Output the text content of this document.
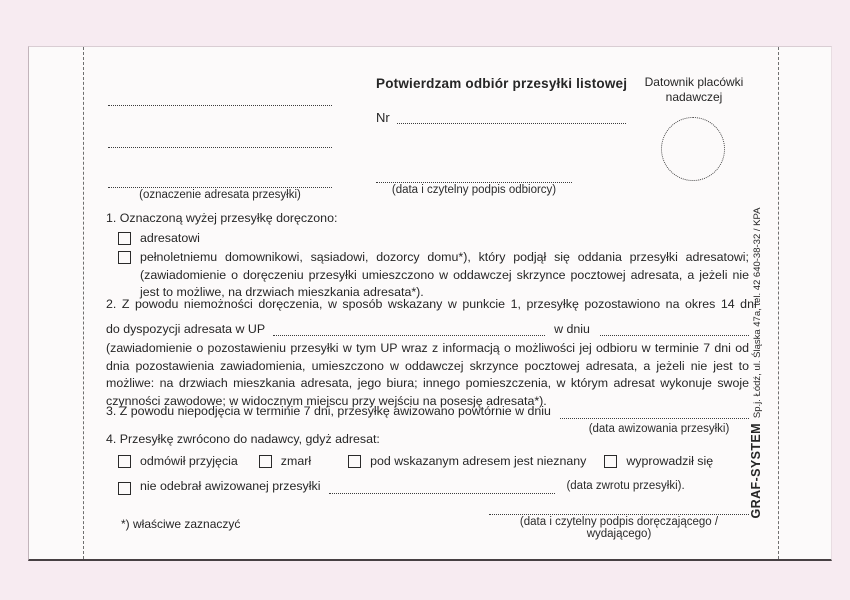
(oznaczenie adresata przesyłki)
Potwierdzam odbiór przesyłki listowej
Nr
(data i czytelny podpis odbiorcy)
Datownik placówki
nadawczej
1. Oznaczoną wyżej przesyłkę doręczono:
adresatowi
pełnoletniemu domownikowi, sąsiadowi, dozorcy domu*), który podjął się oddania przesyłki adresatowi; (zawiadomienie o doręczeniu przesyłki umieszczono w oddawczej skrzynce pocztowej adresata, a jeżeli nie jest to możliwe, na drzwiach mieszkania adresata*).
2. Z powodu niemożności doręczenia, w sposób wskazany w punkcie 1, przesyłkę pozostawiono na okres 14 dni
do dyspozycji adresata w UP	w dniu
(zawiadomienie o pozostawieniu przesyłki w tym UP wraz z informacją o możliwości jej odbioru w terminie 7 dni od dnia pozostawienia zawiadomienia, umieszczono w oddawczej skrzynce pocztowej adresata, a jeżeli nie jest to możliwe: na drzwiach mieszkania adresata, jego biura; innego pomieszczenia, w którym adresat wykonuje swoje czynności zawodowe; w widocznym miejscu przy wejściu na posesję adresata*).
3. Z powodu niepodjęcia w terminie 7 dni, przesyłkę awizowano powtórnie w dniu
(data awizowania przesyłki)
4. Przesyłkę zwrócono do nadawcy, gdyż adresat:
odmówił przyjęcia	zmarł	pod wskazanym adresem jest nieznany	wyprowadził się
nie odebrał awizowanej przesyłki	(data zwrotu przesyłki).
*) właściwe zaznaczyć	(data i czytelny podpis doręczającego / wydającego)
GRAF-SYSTEM
Sp.j. Łódź, ul. Śląska 47a, tel. 42 640-38-32 / KPA
